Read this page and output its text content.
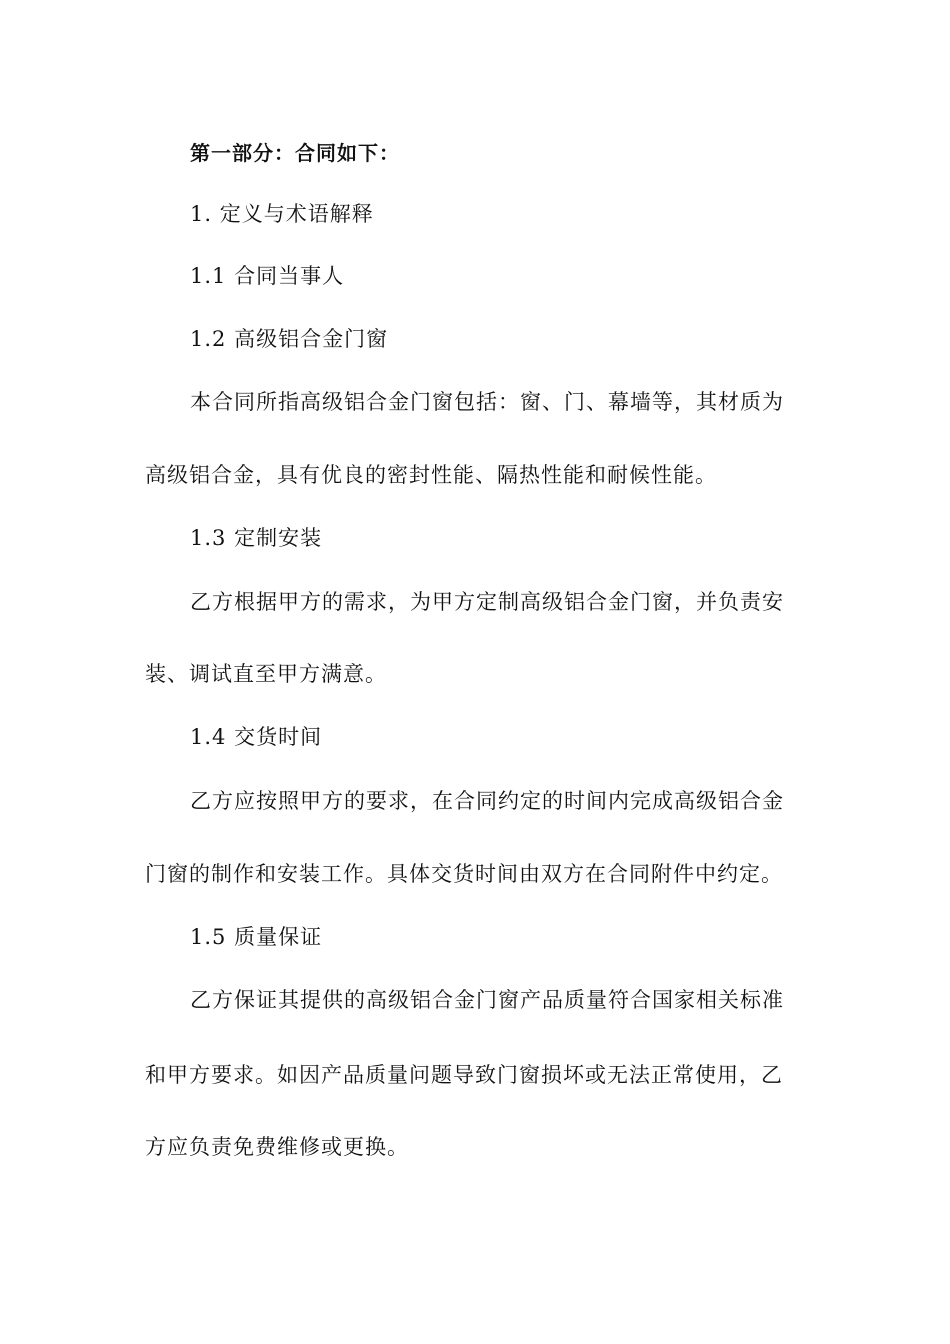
第一部分：合同如下：
1. 定义与术语解释
1.1 合同当事人
1.2 高级铝合金门窗
本合同所指高级铝合金门窗包括：窗、门、幕墙等，其材质为
高级铝合金，具有优良的密封性能、隔热性能和耐候性能。
1.3 定制安装
乙方根据甲方的需求，为甲方定制高级铝合金门窗，并负责安
装、调试直至甲方满意。
1.4 交货时间
乙方应按照甲方的要求，在合同约定的时间内完成高级铝合金
门窗的制作和安装工作。具体交货时间由双方在合同附件中约定。
1.5 质量保证
乙方保证其提供的高级铝合金门窗产品质量符合国家相关标准
和甲方要求。如因产品质量问题导致门窗损坏或无法正常使用，乙
方应负责免费维修或更换。
